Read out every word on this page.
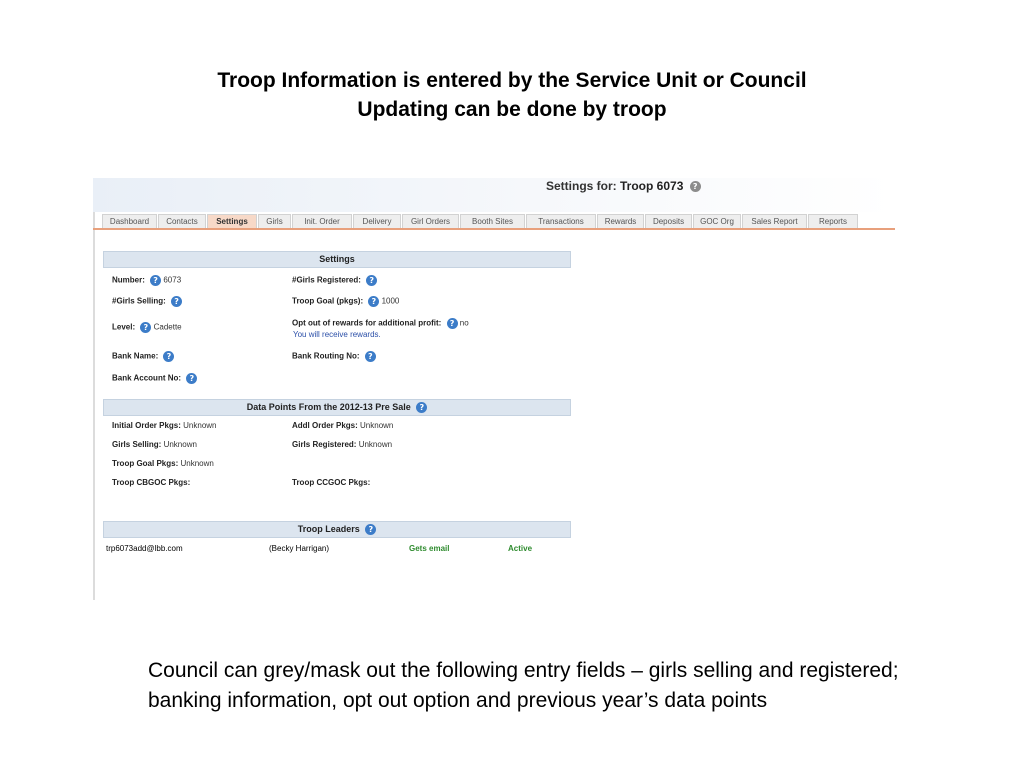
Troop Information is entered by the Service Unit or Council
Updating can be done by troop
Settings for: Troop 6073 ?
Dashboard	Contacts	Settings	Girls	Init. Order	Delivery	Girl Orders	Booth Sites	Transactions	Rewards	Deposits	GOC Org	Sales Report	Reports
Settings
Number: ? 6073	#Girls Registered: ?
#Girls Selling: ?	Troop Goal (pkgs): ? 1000
Level: ? Cadette	Opt out of rewards for additional profit: ? no
You will receive rewards.
Bank Name: ?	Bank Routing No: ?
Bank Account No: ?
Data Points From the 2012-13 Pre Sale ?
Initial Order Pkgs: Unknown	Addl Order Pkgs: Unknown
Girls Selling: Unknown	Girls Registered: Unknown
Troop Goal Pkgs: Unknown
Troop CBGOC Pkgs:	Troop CCGOC Pkgs:
Troop Leaders ?
trp6073add@lbb.com	(Becky Harrigan)	Gets email	Active
Council can grey/mask out the following entry fields – girls selling and registered; banking information, opt out option and previous year’s data points
